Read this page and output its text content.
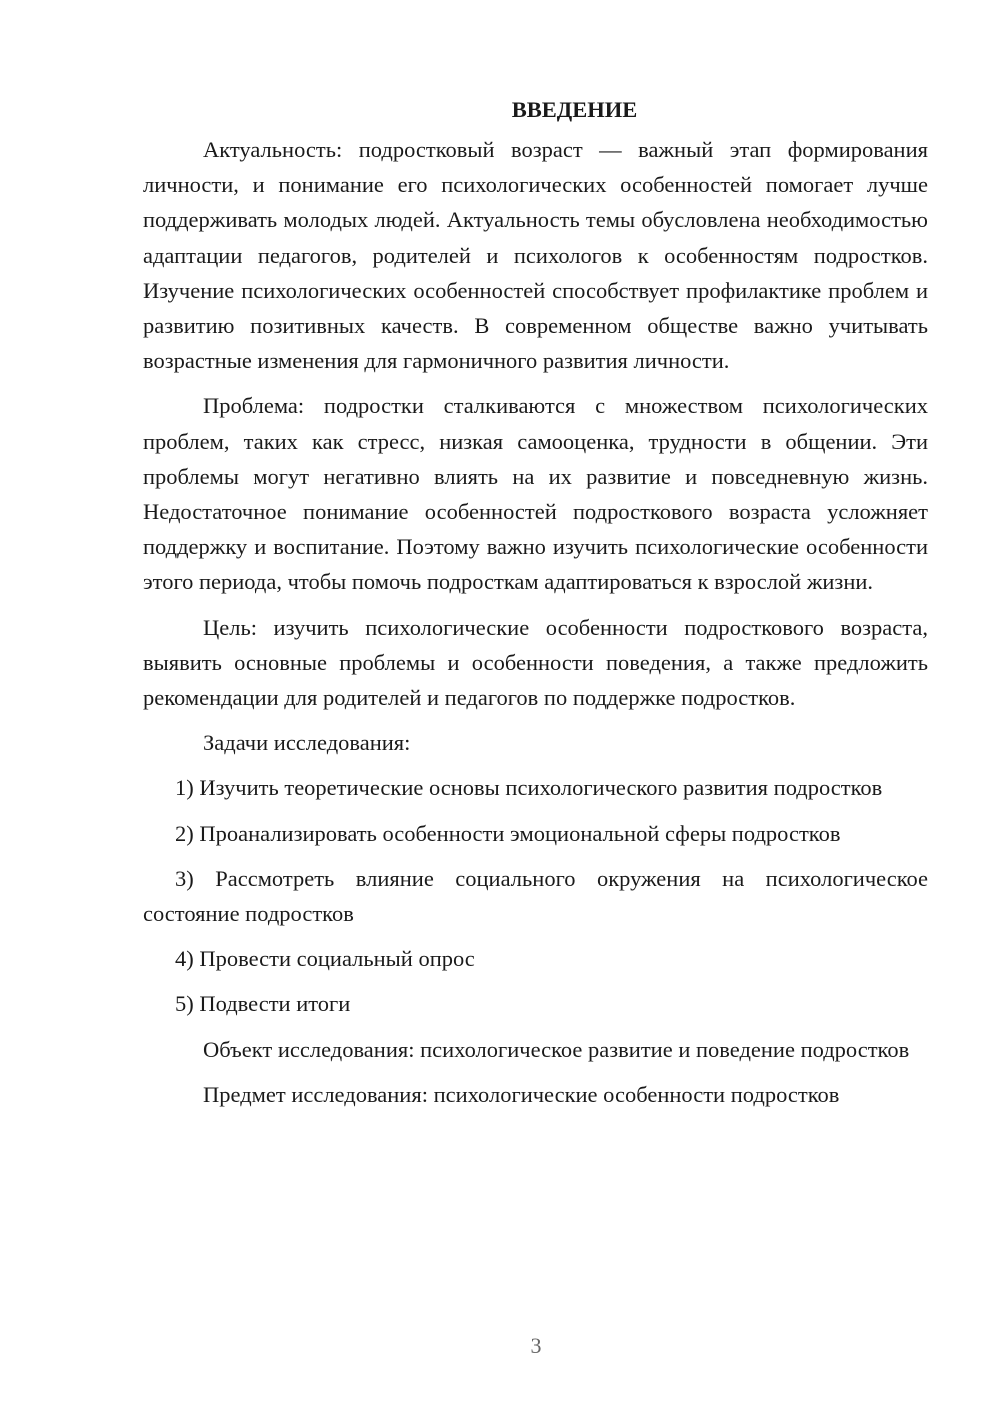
ВВЕДЕНИЕ

Актуальность: подростковый возраст — важный этап формирования личности, и понимание его психологических особенностей помогает лучше поддерживать молодых людей. Актуальность темы обусловлена необходимостью адаптации педагогов, родителей и психологов к особенностям подростков. Изучение психологических особенностей способствует профилактике проблем и развитию позитивных качеств. В современном обществе важно учитывать возрастные изменения для гармоничного развития личности.

Проблема: подростки сталкиваются с множеством психологических проблем, таких как стресс, низкая самооценка, трудности в общении. Эти проблемы могут негативно влиять на их развитие и повседневную жизнь. Недостаточное понимание особенностей подросткового возраста усложняет поддержку и воспитание. Поэтому важно изучить психологические особенности этого периода, чтобы помочь подросткам адаптироваться к взрослой жизни.

Цель: изучить психологические особенности подросткового возраста, выявить основные проблемы и особенности поведения, а также предложить рекомендации для родителей и педагогов по поддержке подростков.

Задачи исследования:

1) Изучить теоретические основы психологического развития подростков

2) Проанализировать особенности эмоциональной сферы подростков

3) Рассмотреть влияние социального окружения на психологическое состояние подростков

4) Провести социальный опрос

5) Подвести итоги

Объект исследования: психологическое развитие и поведение подростков

Предмет исследования: психологические особенности подростков

3
